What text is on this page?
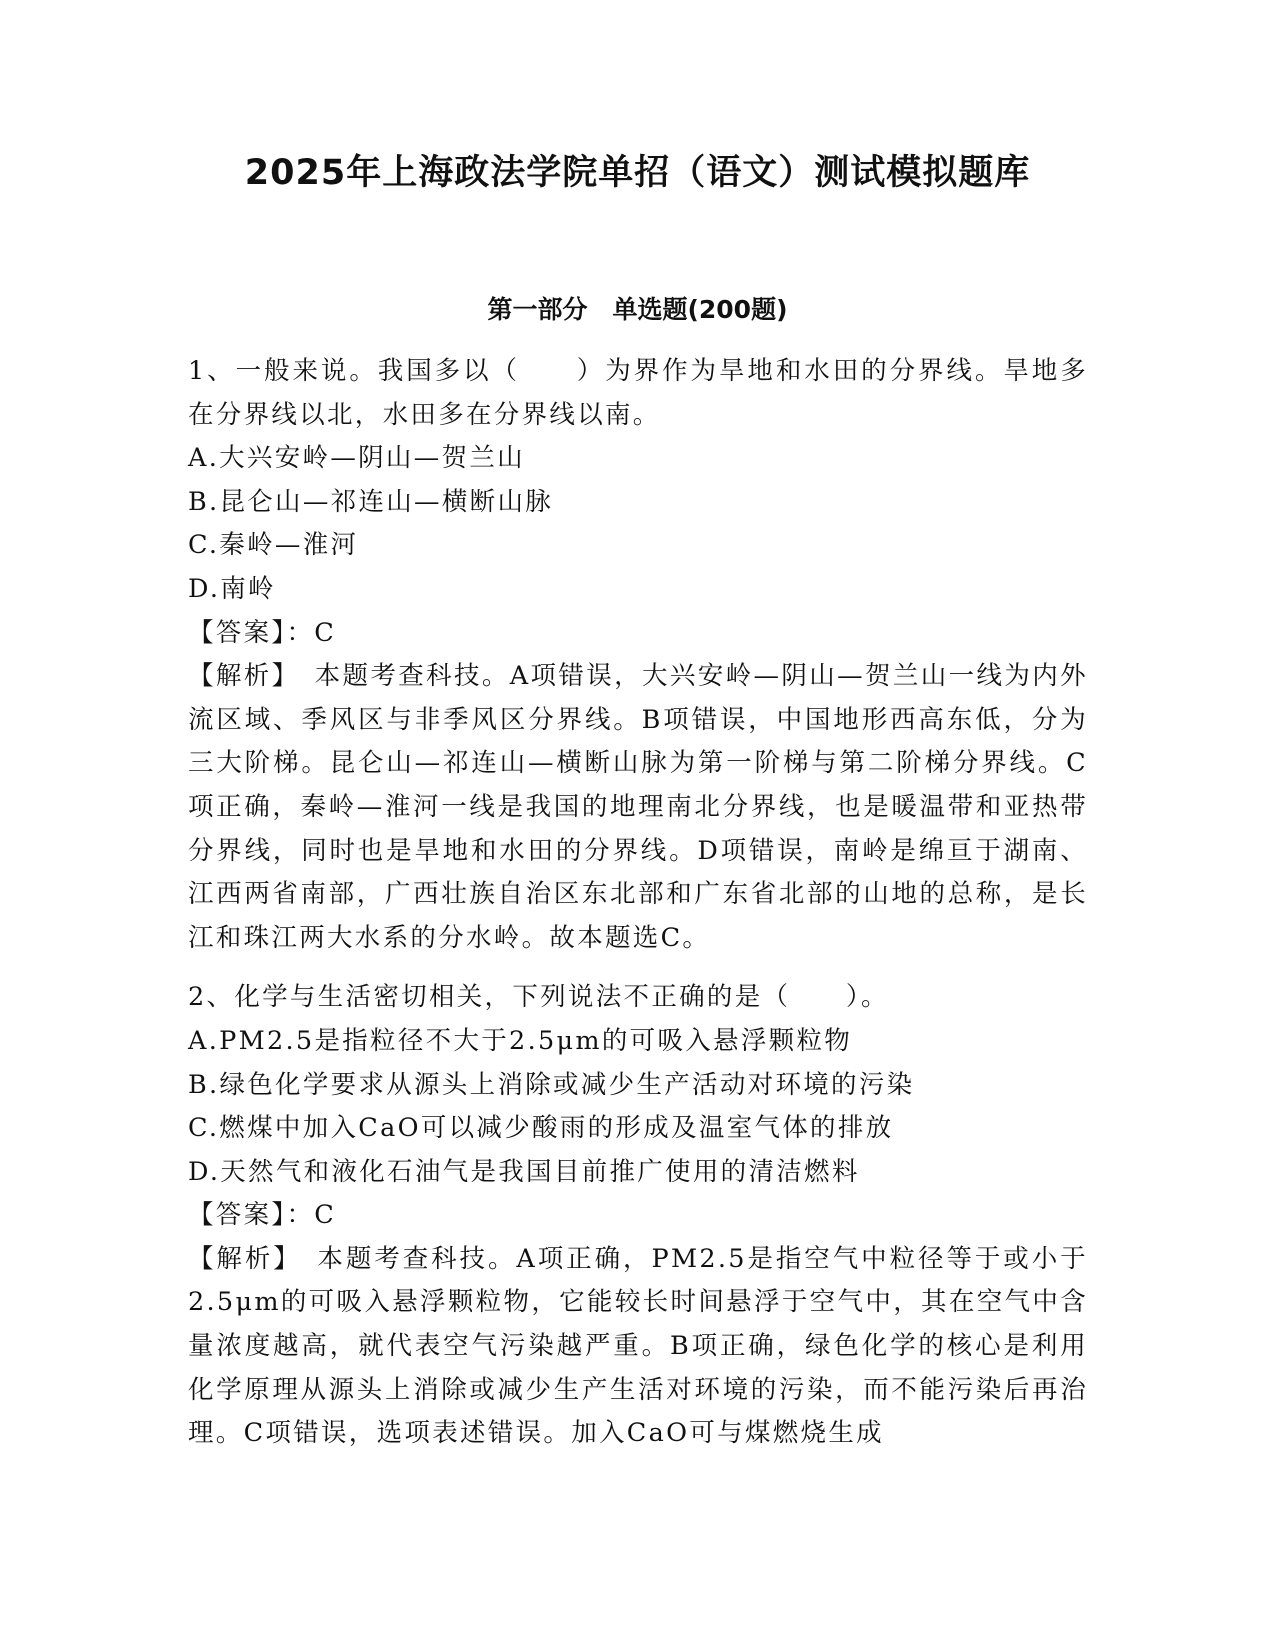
2025年上海政法学院单招（语文）测试模拟题库
第一部分　单选题(200题)

1、一般来说。我国多以（　　）为界作为旱地和水田的分界线。旱地多在分界线以北，水田多在分界线以南。

A.大兴安岭—阴山—贺兰山

B.昆仑山—祁连山—横断山脉

C.秦岭—淮河

D.南岭

【答案】：C

【解析】　本题考查科技。A项错误，大兴安岭—阴山—贺兰山一线为内外流区域、季风区与非季风区分界线。B项错误，中国地形西高东低，分为三大阶梯。昆仑山—祁连山—横断山脉为第一阶梯与第二阶梯分界线。C项正确，秦岭—淮河一线是我国的地理南北分界线，也是暖温带和亚热带分界线，同时也是旱地和水田的分界线。D项错误，南岭是绵亘于湖南、江西两省南部，广西壮族自治区东北部和广东省北部的山地的总称，是长江和珠江两大水系的分水岭。故本题选C。

2、化学与生活密切相关，下列说法不正确的是（　　）。

A.PM2.5是指粒径不大于2.5μm的可吸入悬浮颗粒物

B.绿色化学要求从源头上消除或减少生产活动对环境的污染

C.燃煤中加入CaO可以减少酸雨的形成及温室气体的排放

D.天然气和液化石油气是我国目前推广使用的清洁燃料

【答案】：C

【解析】　本题考查科技。A项正确，PM2.5是指空气中粒径等于或小于2.5μm的可吸入悬浮颗粒物，它能较长时间悬浮于空气中，其在空气中含量浓度越高，就代表空气污染越严重。B项正确，绿色化学的核心是利用化学原理从源头上消除或减少生产生活对环境的污染，而不能污染后再治理。C项错误，选项表述错误。加入CaO可与煤燃烧生成
